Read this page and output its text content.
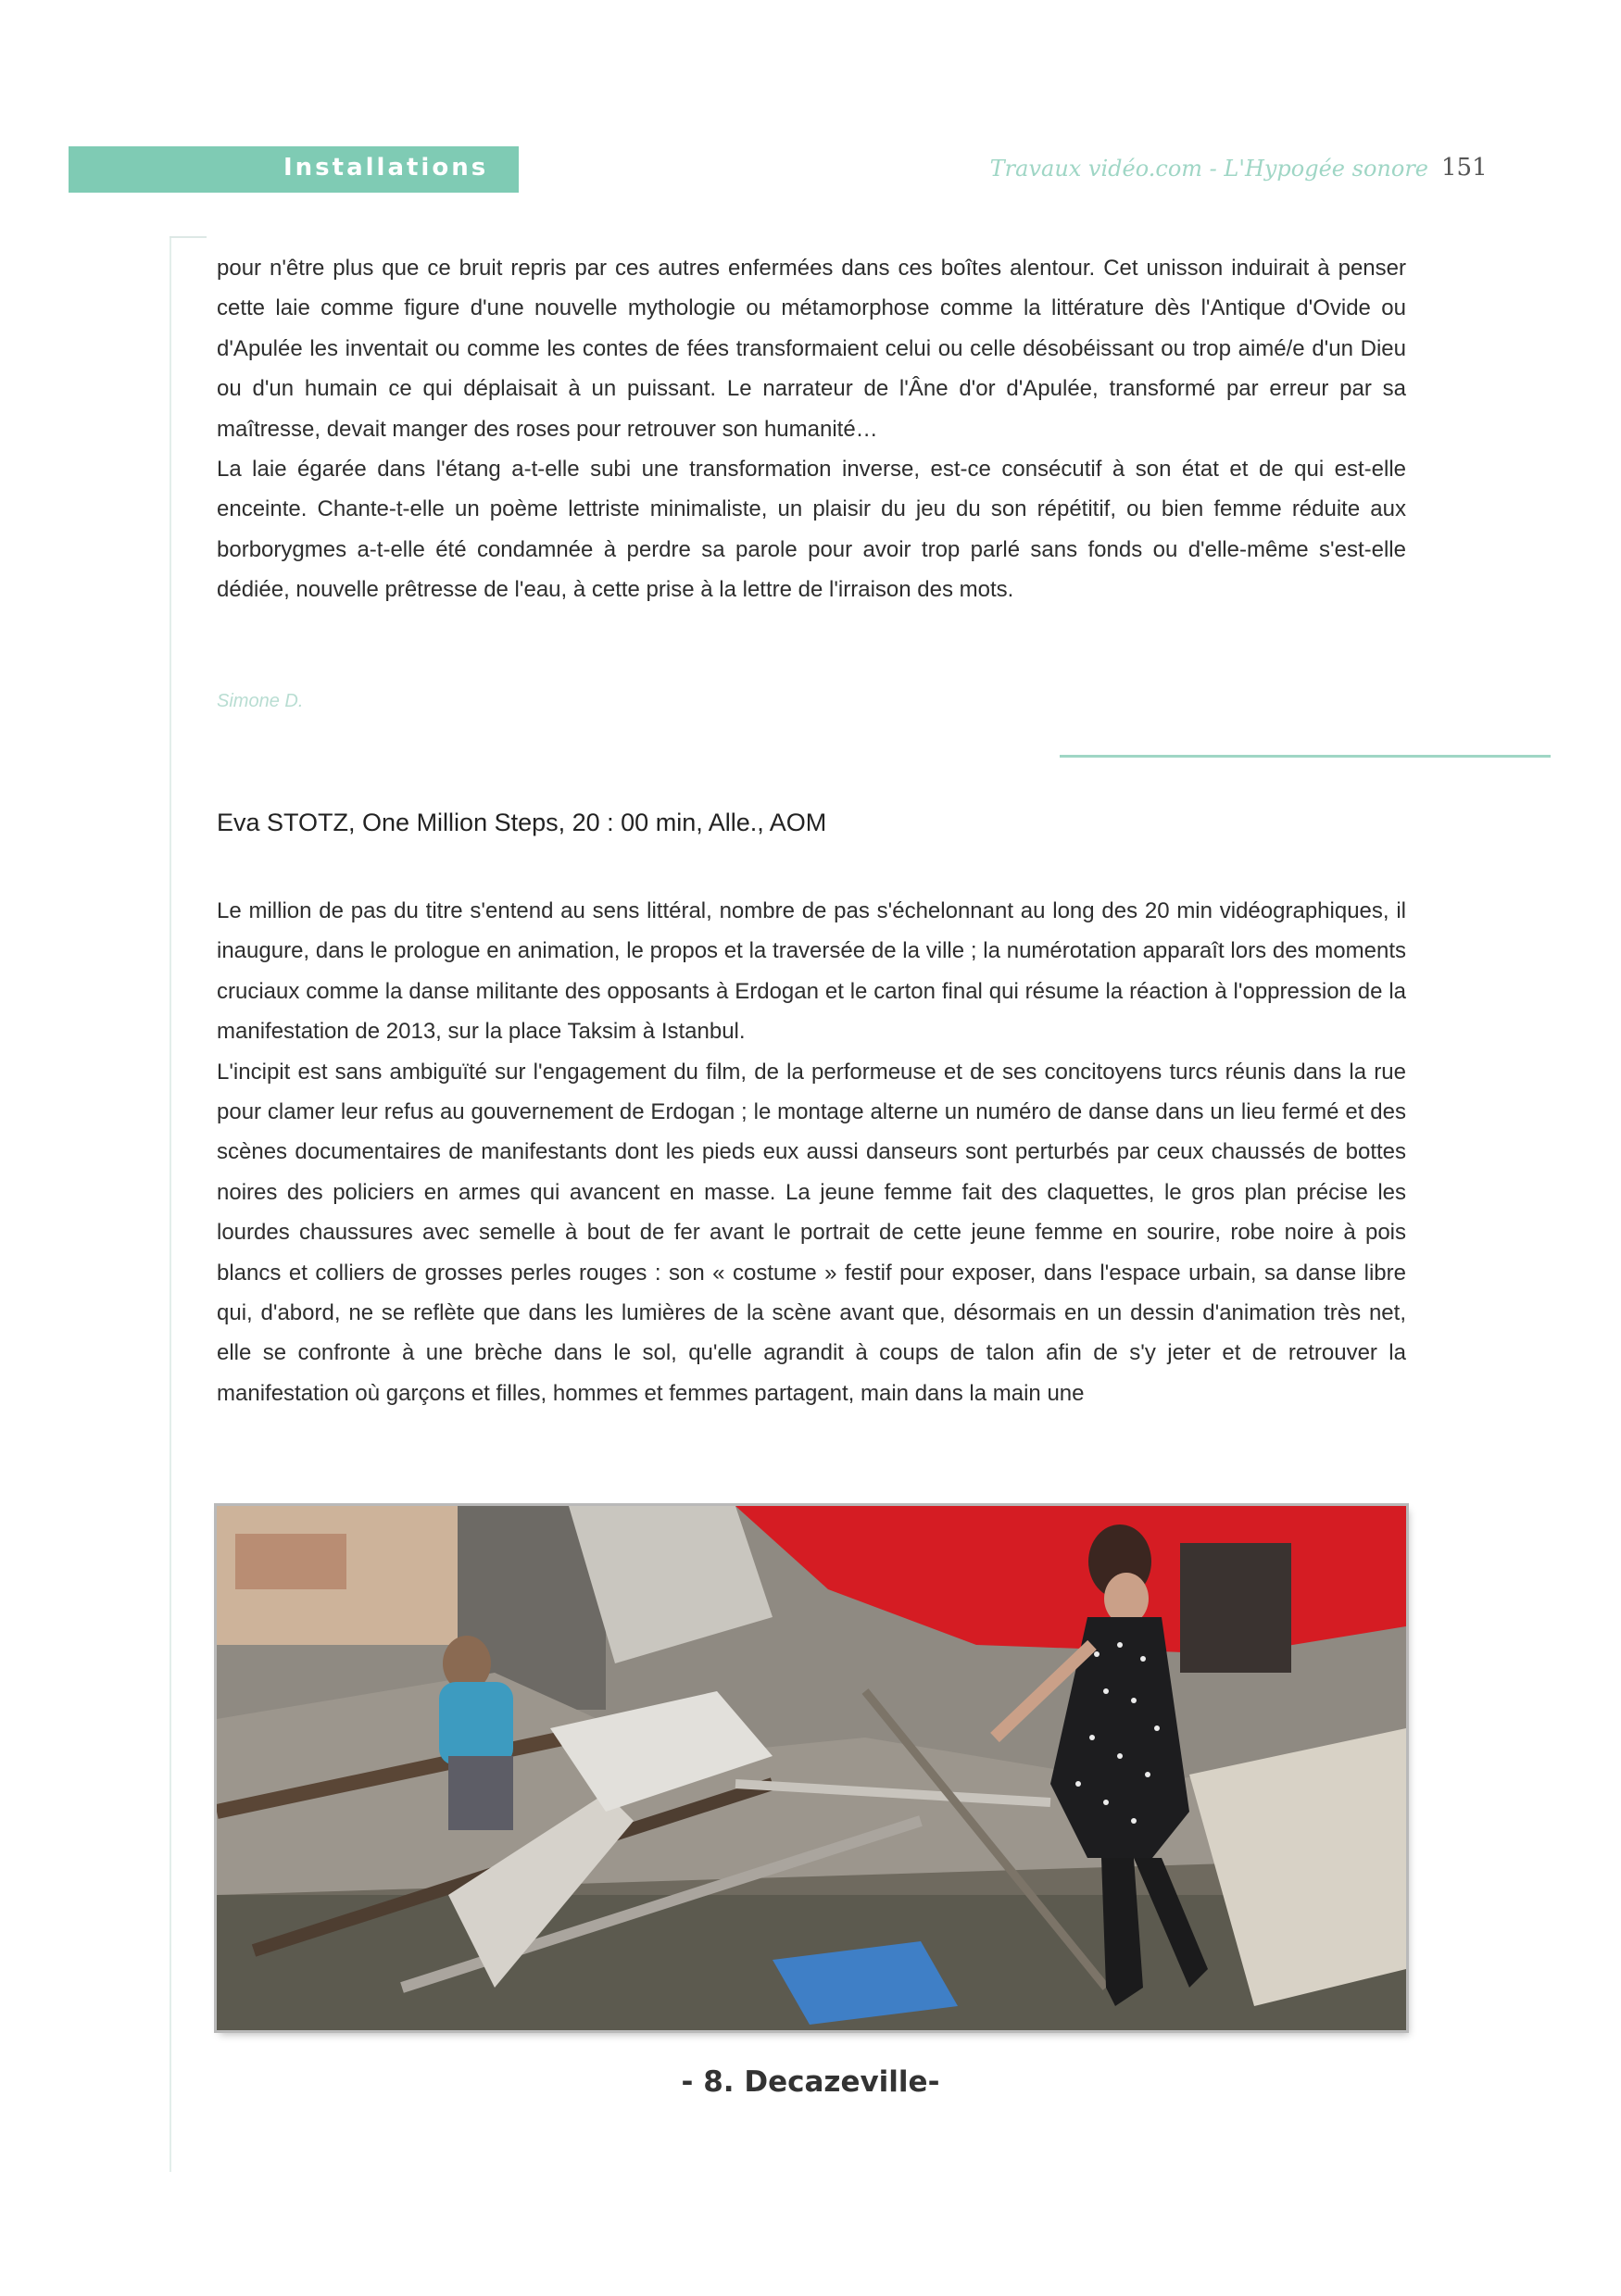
Installations	Travaux vidéo.com - L'Hypogée sonore 151

pour n'être plus que ce bruit repris par ces autres enfermées dans ces boîtes alentour. Cet unisson induirait à penser cette laie comme figure d'une nouvelle mythologie ou métamorphose comme la littérature dès l'Antique d'Ovide ou d'Apulée les inventait ou comme les contes de fées transformaient celui ou celle désobéissant ou trop aimé/e d'un Dieu ou d'un humain ce qui déplaisait à un puissant. Le narrateur de l'Âne d'or d'Apulée, transformé par erreur par sa maîtresse, devait manger des roses pour retrouver son humanité…

La laie égarée dans l'étang a-t-elle subi une transformation inverse, est-ce consécutif à son état et de qui est-elle enceinte. Chante-t-elle un poème lettriste minimaliste, un plaisir du jeu du son répétitif, ou bien femme réduite aux borborygmes a-t-elle été condamnée à perdre sa parole pour avoir trop parlé sans fonds ou d'elle-même s'est-elle dédiée, nouvelle prêtresse de l'eau, à cette prise à la lettre de l'irraison des mots.

Simone D.
Eva STOTZ, One Million Steps, 20 : 00 min, Alle., AOM

Le million de pas du titre s'entend au sens littéral, nombre de pas s'échelonnant au long des 20 min vidéographiques, il inaugure, dans le prologue en animation, le propos et la traversée de la ville ; la numérotation apparaît lors des moments cruciaux comme la danse militante des opposants à Erdogan et le carton final qui résume la réaction à l'oppression de la manifestation de 2013, sur la place Taksim à Istanbul.

L'incipit est sans ambiguïté sur l'engagement du film, de la performeuse et de ses concitoyens turcs réunis dans la rue pour clamer leur refus au gouvernement de Erdogan ; le montage alterne un numéro de danse dans un lieu fermé et des scènes documentaires de manifestants dont les pieds eux aussi danseurs sont perturbés par ceux chaussés de bottes noires des policiers en armes qui avancent en masse. La jeune femme fait des claquettes, le gros plan précise les lourdes chaussures avec semelle à bout de fer avant le portrait de cette jeune femme en sourire, robe noire à pois blancs et colliers de grosses perles rouges : son « costume » festif pour exposer, dans l'espace urbain, sa danse libre qui, d'abord, ne se reflète que dans les lumières de la scène avant que, désormais en un dessin d'animation très net, elle se confronte à une brèche dans le sol, qu'elle agrandit à coups de talon afin de s'y jeter et de retrouver la manifestation où garçons et filles, hommes et femmes partagent, main dans la main une

- 8. Decazeville-
